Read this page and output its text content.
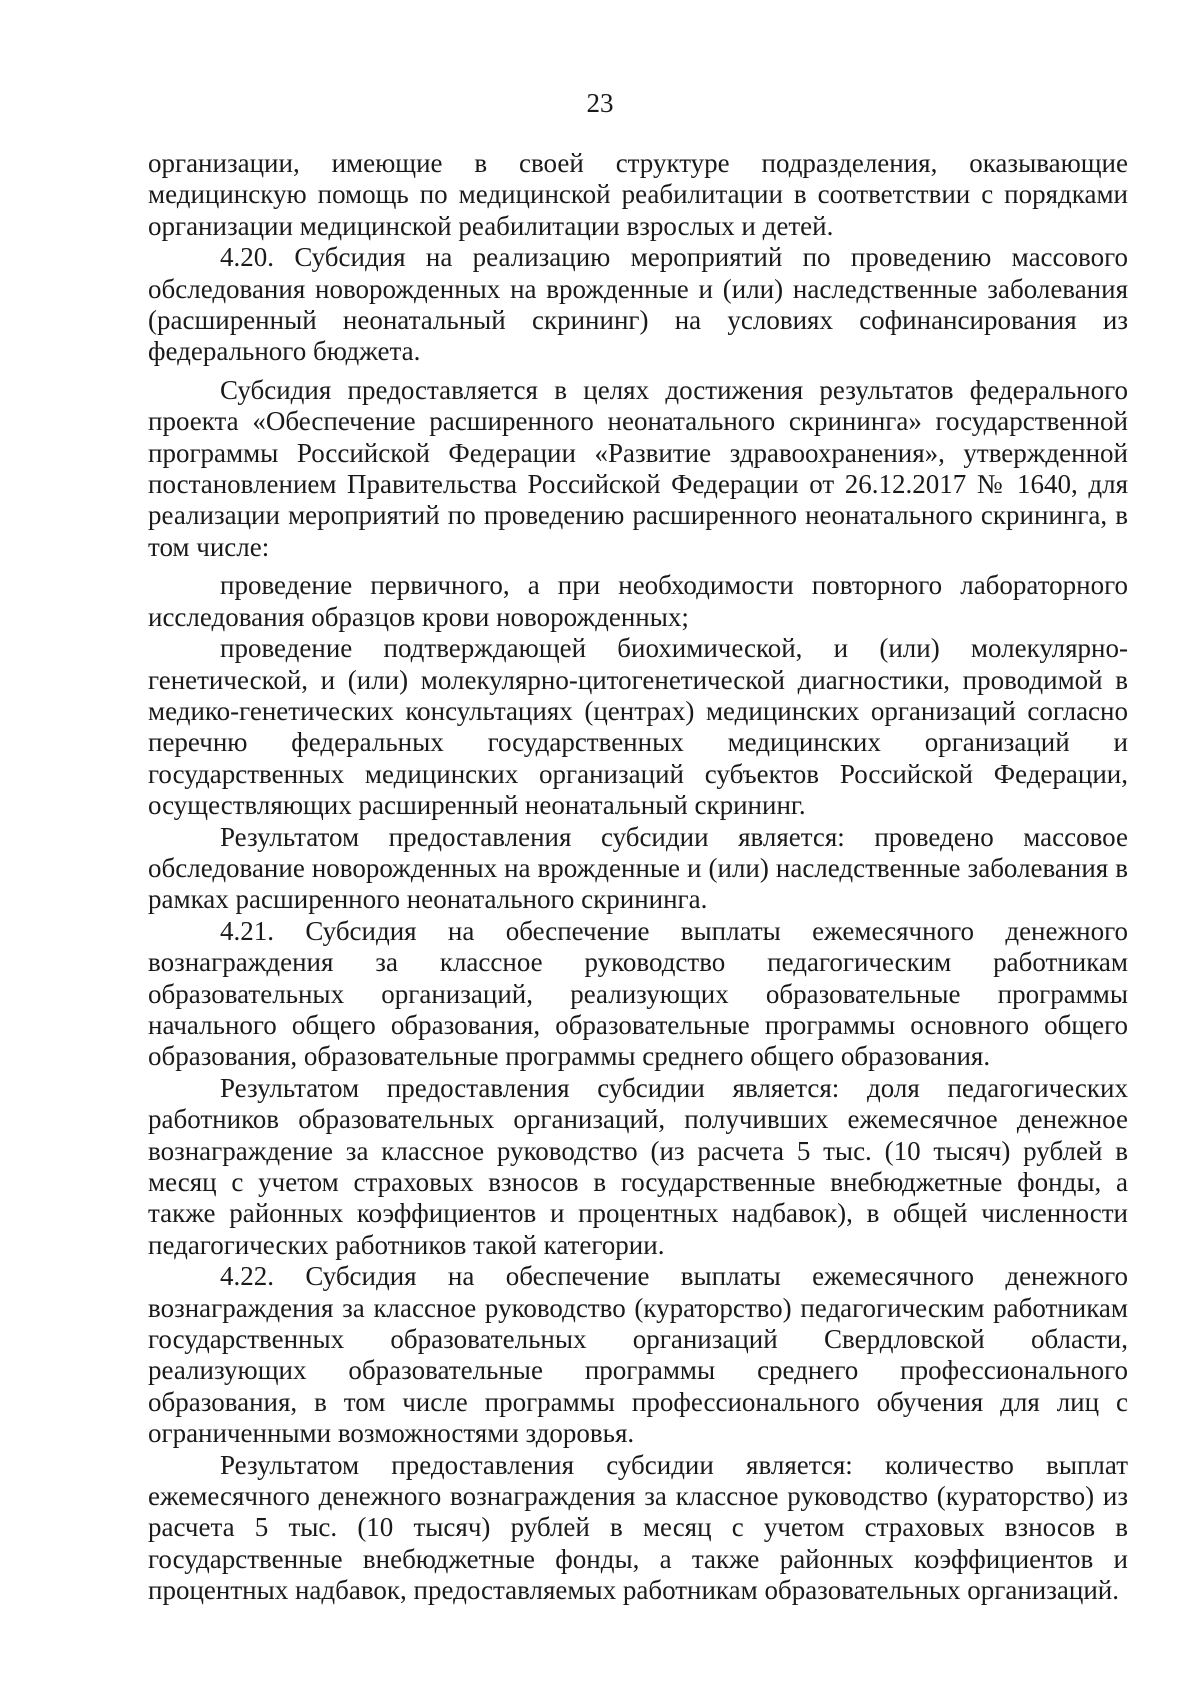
23

организации, имеющие в своей структуре подразделения, оказывающие медицинскую помощь по медицинской реабилитации в соответствии с порядками организации медицинской реабилитации взрослых и детей.

4.20. Субсидия на реализацию мероприятий по проведению массового обследования новорожденных на врожденные и (или) наследственные заболевания (расширенный неонатальный скрининг) на условиях софинансирования из федерального бюджета.

Субсидия предоставляется в целях достижения результатов федерального проекта «Обеспечение расширенного неонатального скрининга» государственной программы Российской Федерации «Развитие здравоохранения», утвержденной постановлением Правительства Российской Федерации от 26.12.2017 № 1640, для реализации мероприятий по проведению расширенного неонатального скрининга, в том числе:

проведение первичного, а при необходимости повторного лабораторного исследования образцов крови новорожденных;

проведение подтверждающей биохимической, и (или) молекулярно-генетической, и (или) молекулярно-цитогенетической диагностики, проводимой в медико-генетических консультациях (центрах) медицинских организаций согласно перечню федеральных государственных медицинских организаций и государственных медицинских организаций субъектов Российской Федерации, осуществляющих расширенный неонатальный скрининг.

Результатом предоставления субсидии является: проведено массовое обследование новорожденных на врожденные и (или) наследственные заболевания в рамках расширенного неонатального скрининга.

4.21. Субсидия на обеспечение выплаты ежемесячного денежного вознаграждения за классное руководство педагогическим работникам образовательных организаций, реализующих образовательные программы начального общего образования, образовательные программы основного общего образования, образовательные программы среднего общего образования.

Результатом предоставления субсидии является: доля педагогических работников образовательных организаций, получивших ежемесячное денежное вознаграждение за классное руководство (из расчета 5 тыс. (10 тысяч) рублей в месяц с учетом страховых взносов в государственные внебюджетные фонды, а также районных коэффициентов и процентных надбавок), в общей численности педагогических работников такой категории.

4.22. Субсидия на обеспечение выплаты ежемесячного денежного вознаграждения за классное руководство (кураторство) педагогическим работникам государственных образовательных организаций Свердловской области, реализующих образовательные программы среднего профессионального образования, в том числе программы профессионального обучения для лиц с ограниченными возможностями здоровья.

Результатом предоставления субсидии является: количество выплат ежемесячного денежного вознаграждения за классное руководство (кураторство) из расчета 5 тыс. (10 тысяч) рублей в месяц с учетом страховых взносов в государственные внебюджетные фонды, а также районных коэффициентов и процентных надбавок, предоставляемых работникам образовательных организаций.
